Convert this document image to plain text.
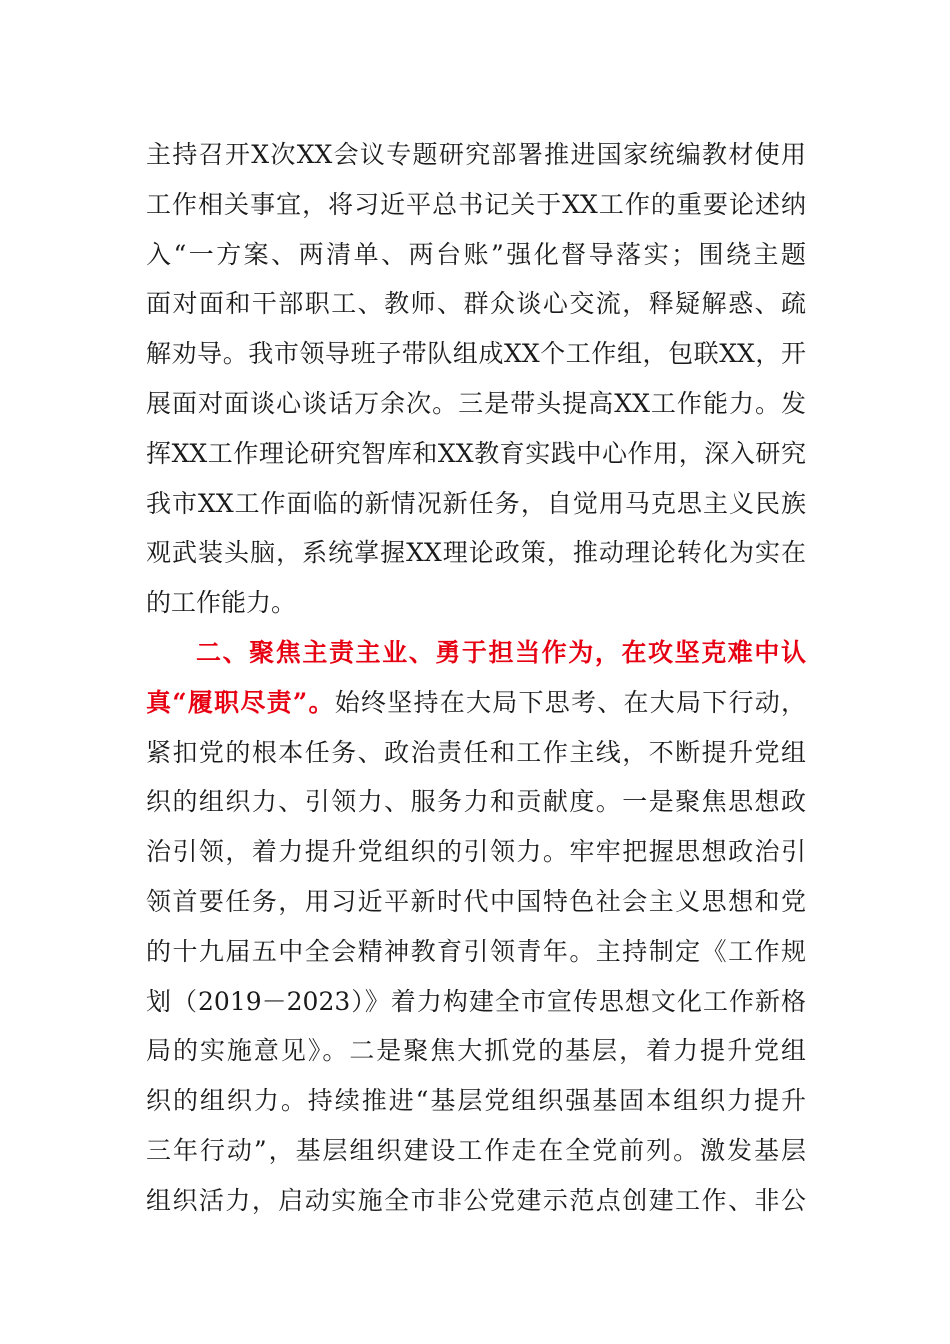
主持召开X次XX会议专题研究部署推进国家统编教材使用
工作相关事宜，将习近平总书记关于XX工作的重要论述纳
入“一方案、两清单、两台账”强化督导落实；围绕主题
面对面和干部职工、教师、群众谈心交流，释疑解惑、疏
解劝导。我市领导班子带队组成XX个工作组，包联XX，开
展面对面谈心谈话万余次。三是带头提高XX工作能力。发
挥XX工作理论研究智库和XX教育实践中心作用，深入研究
我市XX工作面临的新情况新任务，自觉用马克思主义民族
观武装头脑，系统掌握XX理论政策，推动理论转化为实在
的工作能力。
二、聚焦主责主业、勇于担当作为，在攻坚克难中认
真“履职尽责”。始终坚持在大局下思考、在大局下行动，
紧扣党的根本任务、政治责任和工作主线，不断提升党组
织的组织力、引领力、服务力和贡献度。一是聚焦思想政
治引领，着力提升党组织的引领力。牢牢把握思想政治引
领首要任务，用习近平新时代中国特色社会主义思想和党
的十九届五中全会精神教育引领青年。主持制定《工作规
划（2019－2023）》着力构建全市宣传思想文化工作新格
局的实施意见》。二是聚焦大抓党的基层，着力提升党组
织的组织力。持续推进“基层党组织强基固本组织力提升
三年行动”，基层组织建设工作走在全党前列。激发基层
组织活力，启动实施全市非公党建示范点创建工作、非公
